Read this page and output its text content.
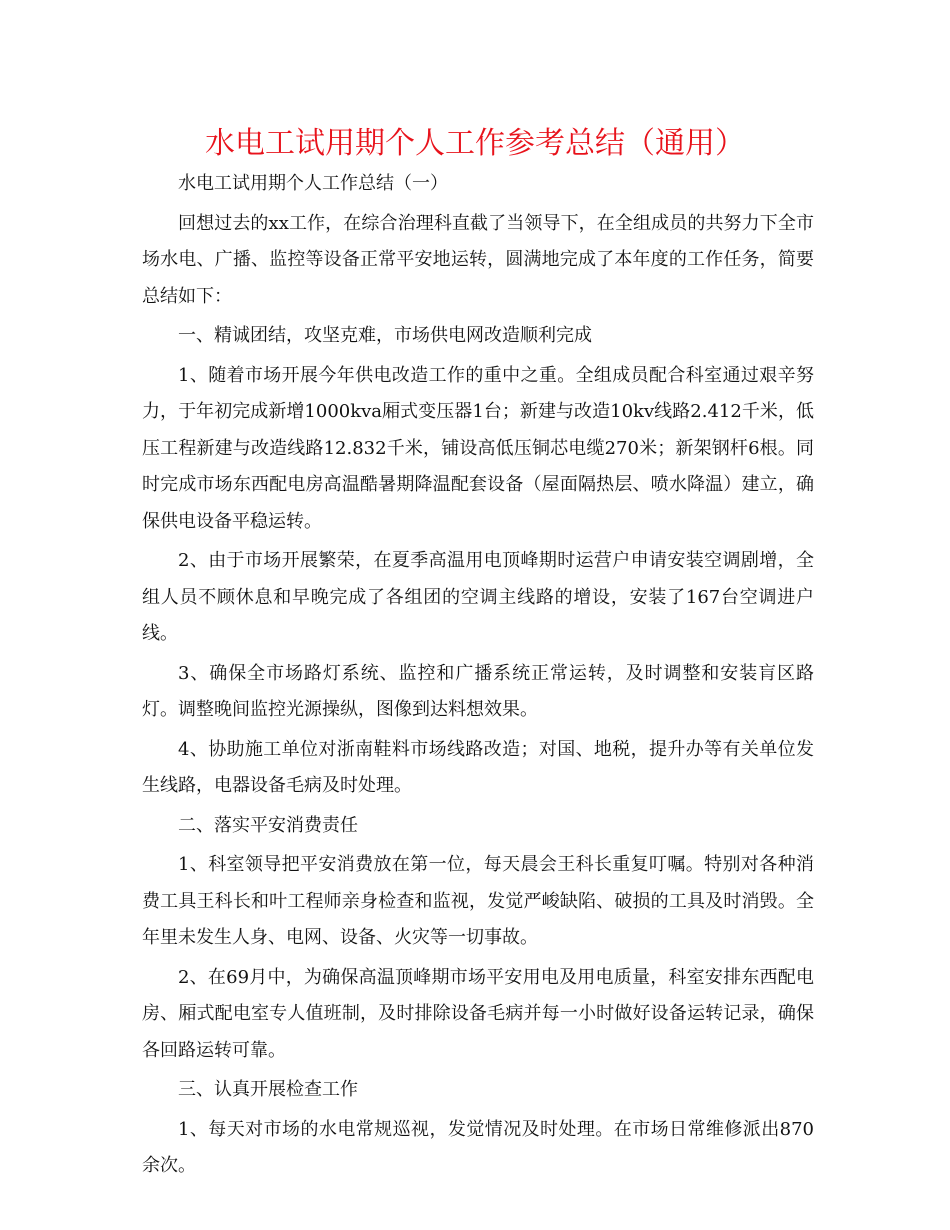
水电工试用期个人工作参考总结（通用）

水电工试用期个人工作总结（一）

回想过去的xx工作，在综合治理科直截了当领导下，在全组成员的共努力下全市场水电、广播、监控等设备正常平安地运转，圆满地完成了本年度的工作任务，简要总结如下：

一、精诚团结，攻坚克难，市场供电网改造顺利完成

1、随着市场开展今年供电改造工作的重中之重。全组成员配合科室通过艰辛努力，于年初完成新增1000kva厢式变压器1台；新建与改造10kv线路2.412千米，低压工程新建与改造线路12.832千米，铺设高低压铜芯电缆270米；新架钢杆6根。同时完成市场东西配电房高温酷暑期降温配套设备（屋面隔热层、喷水降温）建立，确保供电设备平稳运转。

2、由于市场开展繁荣，在夏季高温用电顶峰期时运营户申请安装空调剧增，全组人员不顾休息和早晚完成了各组团的空调主线路的增设，安装了167台空调进户线。

3、确保全市场路灯系统、监控和广播系统正常运转，及时调整和安装肓区路灯。调整晚间监控光源操纵，图像到达料想效果。

4、协助施工单位对浙南鞋料市场线路改造；对国、地税，提升办等有关单位发生线路，电器设备毛病及时处理。

二、落实平安消费责任

1、科室领导把平安消费放在第一位，每天晨会王科长重复叮嘱。特别对各种消费工具王科长和叶工程师亲身检查和监视，发觉严峻缺陷、破损的工具及时消毁。全年里未发生人身、电网、设备、火灾等一切事故。

2、在69月中，为确保高温顶峰期市场平安用电及用电质量，科室安排东西配电房、厢式配电室专人值班制，及时排除设备毛病并每一小时做好设备运转记录，确保各回路运转可靠。

三、认真开展检查工作

1、每天对市场的水电常规巡视，发觉情况及时处理。在市场日常维修派出870余次。
